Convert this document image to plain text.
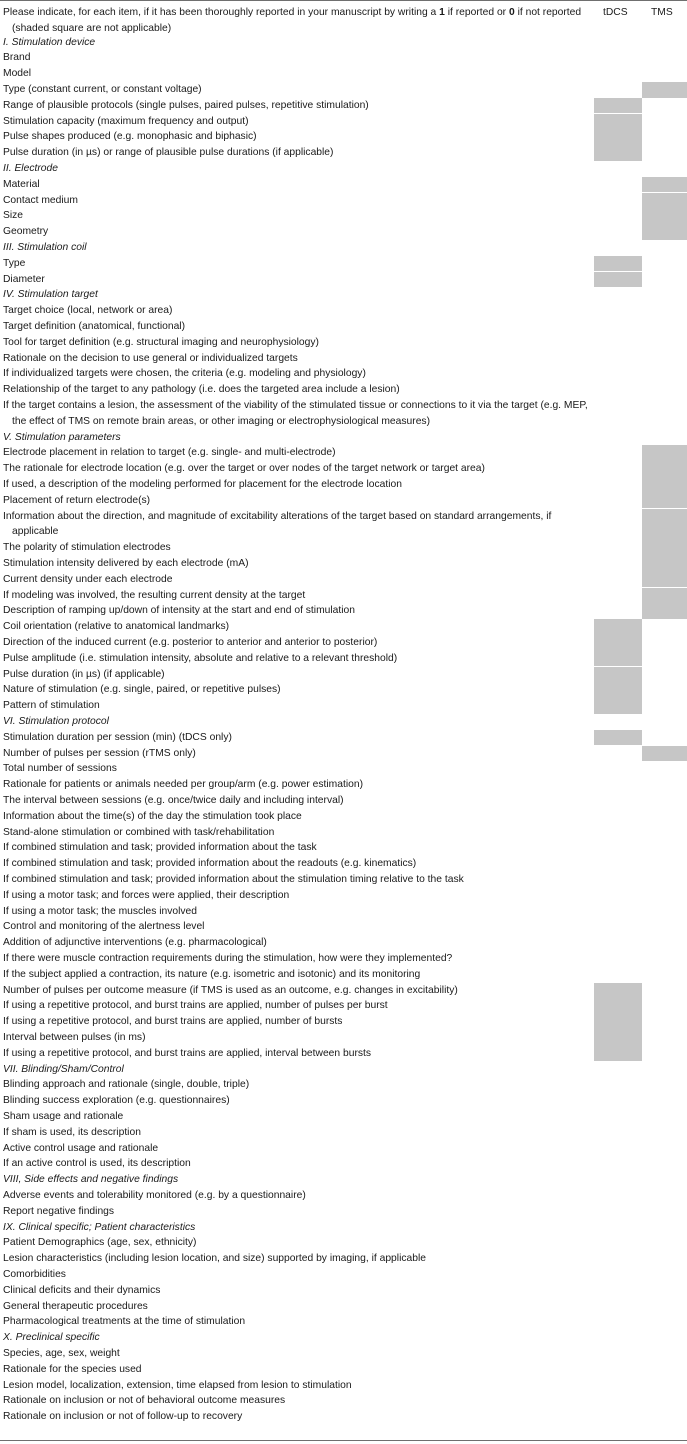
Please indicate, for each item, if it has been thoroughly reported in your manuscript by writing a 1 if reported or 0 if not reported (shaded square are not applicable)
tDCS TMS
I. Stimulation device
Brand
Model
Type (constant current, or constant voltage)
Range of plausible protocols (single pulses, paired pulses, repetitive stimulation)
Stimulation capacity (maximum frequency and output)
Pulse shapes produced (e.g. monophasic and biphasic)
Pulse duration (in µs) or range of plausible pulse durations (if applicable)
II. Electrode
Material
Contact medium
Size
Geometry
III. Stimulation coil
Type
Diameter
IV. Stimulation target
Target choice (local, network or area)
Target definition (anatomical, functional)
Tool for target definition (e.g. structural imaging and neurophysiology)
Rationale on the decision to use general or individualized targets
If individualized targets were chosen, the criteria (e.g. modeling and physiology)
Relationship of the target to any pathology (i.e. does the targeted area include a lesion)
If the target contains a lesion, the assessment of the viability of the stimulated tissue or connections to it via the target (e.g. MEP, the effect of TMS on remote brain areas, or other imaging or electrophysiological measures)
V. Stimulation parameters
Electrode placement in relation to target (e.g. single- and multi-electrode)
The rationale for electrode location (e.g. over the target or over nodes of the target network or target area)
If used, a description of the modeling performed for placement for the electrode location
Placement of return electrode(s)
Information about the direction, and magnitude of excitability alterations of the target based on standard arrangements, if applicable
The polarity of stimulation electrodes
Stimulation intensity delivered by each electrode (mA)
Current density under each electrode
If modeling was involved, the resulting current density at the target
Description of ramping up/down of intensity at the start and end of stimulation
Coil orientation (relative to anatomical landmarks)
Direction of the induced current (e.g. posterior to anterior and anterior to posterior)
Pulse amplitude (i.e. stimulation intensity, absolute and relative to a relevant threshold)
Pulse duration (in µs) (if applicable)
Nature of stimulation (e.g. single, paired, or repetitive pulses)
Pattern of stimulation
VI. Stimulation protocol
Stimulation duration per session (min) (tDCS only)
Number of pulses per session (rTMS only)
Total number of sessions
Rationale for patients or animals needed per group/arm (e.g. power estimation)
The interval between sessions (e.g. once/twice daily and including interval)
Information about the time(s) of the day the stimulation took place
Stand-alone stimulation or combined with task/rehabilitation
If combined stimulation and task; provided information about the task
If combined stimulation and task; provided information about the readouts (e.g. kinematics)
If combined stimulation and task; provided information about the stimulation timing relative to the task
If using a motor task; and forces were applied, their description
If using a motor task; the muscles involved
Control and monitoring of the alertness level
Addition of adjunctive interventions (e.g. pharmacological)
If there were muscle contraction requirements during the stimulation, how were they implemented?
If the subject applied a contraction, its nature (e.g. isometric and isotonic) and its monitoring
Number of pulses per outcome measure (if TMS is used as an outcome, e.g. changes in excitability)
If using a repetitive protocol, and burst trains are applied, number of pulses per burst
If using a repetitive protocol, and burst trains are applied, number of bursts
Interval between pulses (in ms)
If using a repetitive protocol, and burst trains are applied, interval between bursts
VII. Blinding/Sham/Control
Blinding approach and rationale (single, double, triple)
Blinding success exploration (e.g. questionnaires)
Sham usage and rationale
If sham is used, its description
Active control usage and rationale
If an active control is used, its description
VIII, Side effects and negative findings
Adverse events and tolerability monitored (e.g. by a questionnaire)
Report negative findings
IX. Clinical specific; Patient characteristics
Patient Demographics (age, sex, ethnicity)
Lesion characteristics (including lesion location, and size) supported by imaging, if applicable
Comorbidities
Clinical deficits and their dynamics
General therapeutic procedures
Pharmacological treatments at the time of stimulation
X. Preclinical specific
Species, age, sex, weight
Rationale for the species used
Lesion model, localization, extension, time elapsed from lesion to stimulation
Rationale on inclusion or not of behavioral outcome measures
Rationale on inclusion or not of follow-up to recovery
